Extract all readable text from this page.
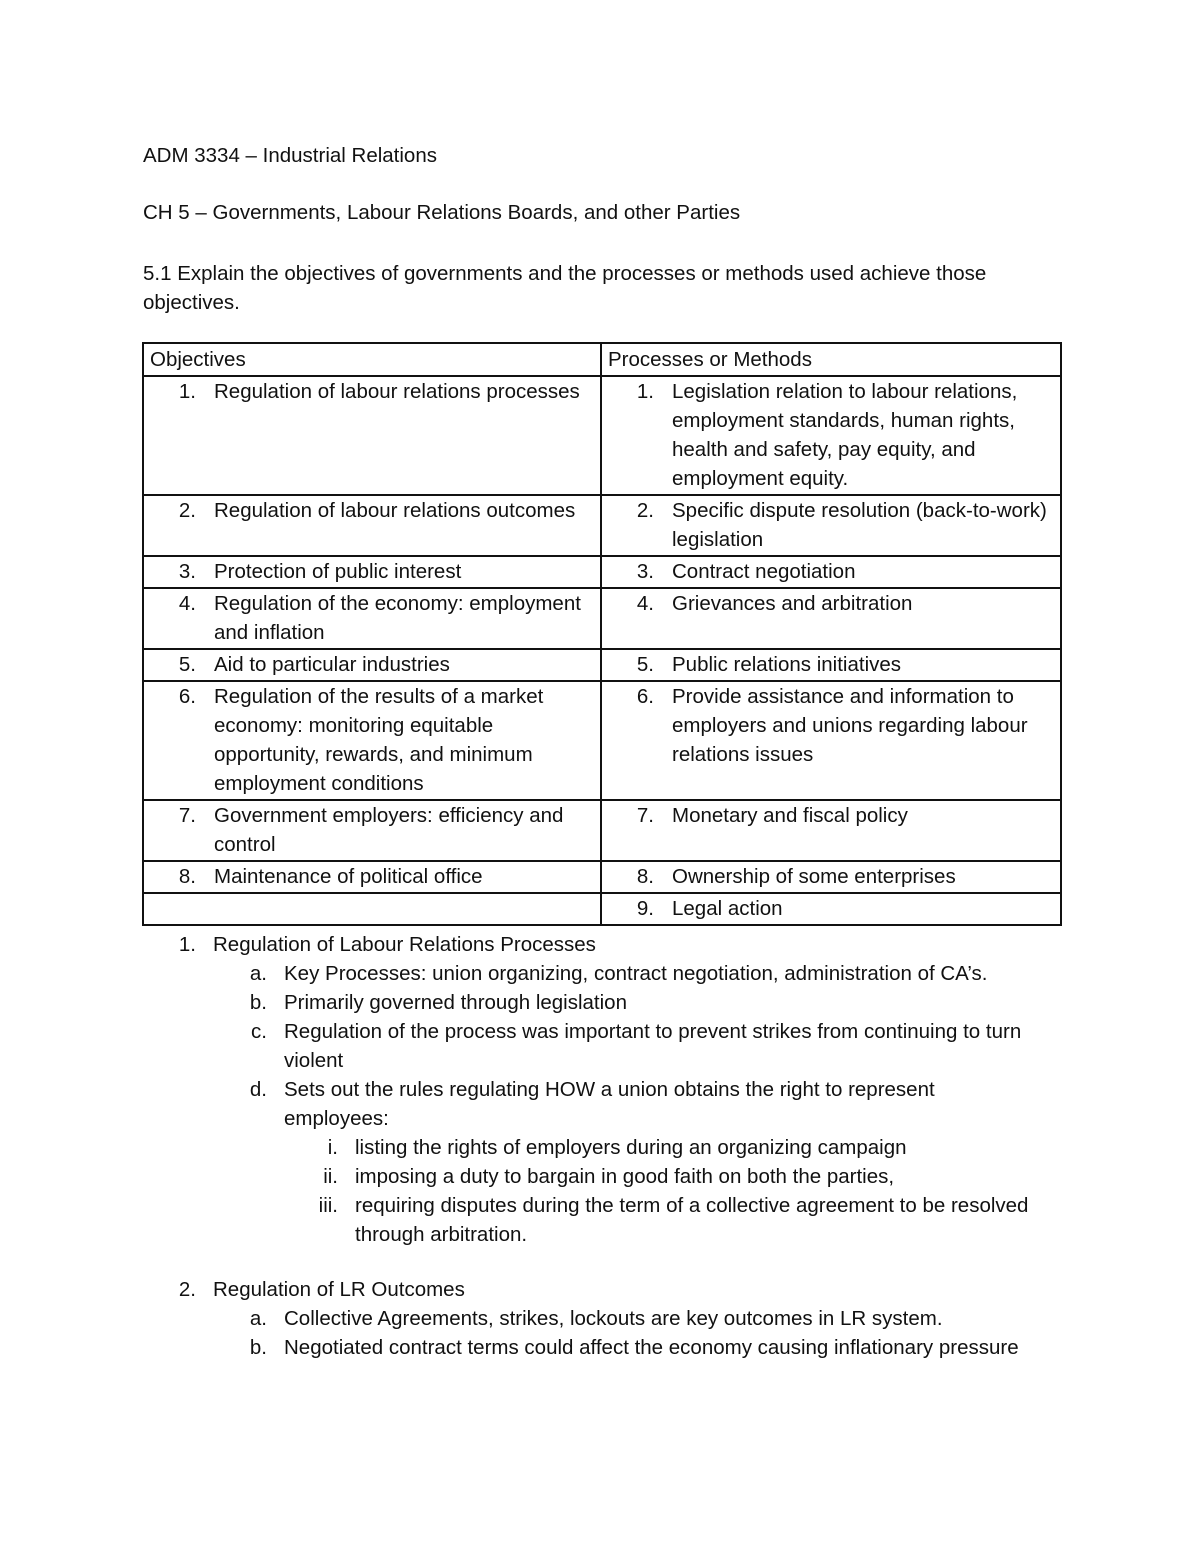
ADM 3334 – Industrial Relations
CH 5 – Governments, Labour Relations Boards, and other Parties
5.1 Explain the objectives of governments and the processes or methods used achieve those objectives.
Objectives	Processes or Methods

1. Regulation of labour relations processes	1. Legislation relation to labour relations, employment standards, human rights, health and safety, pay equity, and employment equity.

2. Regulation of labour relations outcomes	2. Specific dispute resolution (back-to-work) legislation

3. Protection of public interest	3. Contract negotiation

4. Regulation of the economy: employment and inflation	4. Grievances and arbitration

5. Aid to particular industries	5. Public relations initiatives

6. Regulation of the results of a market economy: monitoring equitable opportunity, rewards, and minimum employment conditions	6. Provide assistance and information to employers and unions regarding labour relations issues

7. Government employers: efficiency and control	7. Monetary and fiscal policy

8. Maintenance of political office	8. Ownership of some enterprises

	9. Legal action
1. Regulation of Labour Relations Processes
a. Key Processes: union organizing, contract negotiation, administration of CA’s.
b. Primarily governed through legislation
c. Regulation of the process was important to prevent strikes from continuing to turn violent
d. Sets out the rules regulating HOW a union obtains the right to represent employees:
i. listing the rights of employers during an organizing campaign
ii. imposing a duty to bargain in good faith on both the parties,
iii. requiring disputes during the term of a collective agreement to be resolved through arbitration.
2. Regulation of LR Outcomes
a. Collective Agreements, strikes, lockouts are key outcomes in LR system.
b. Negotiated contract terms could affect the economy causing inflationary pressure
